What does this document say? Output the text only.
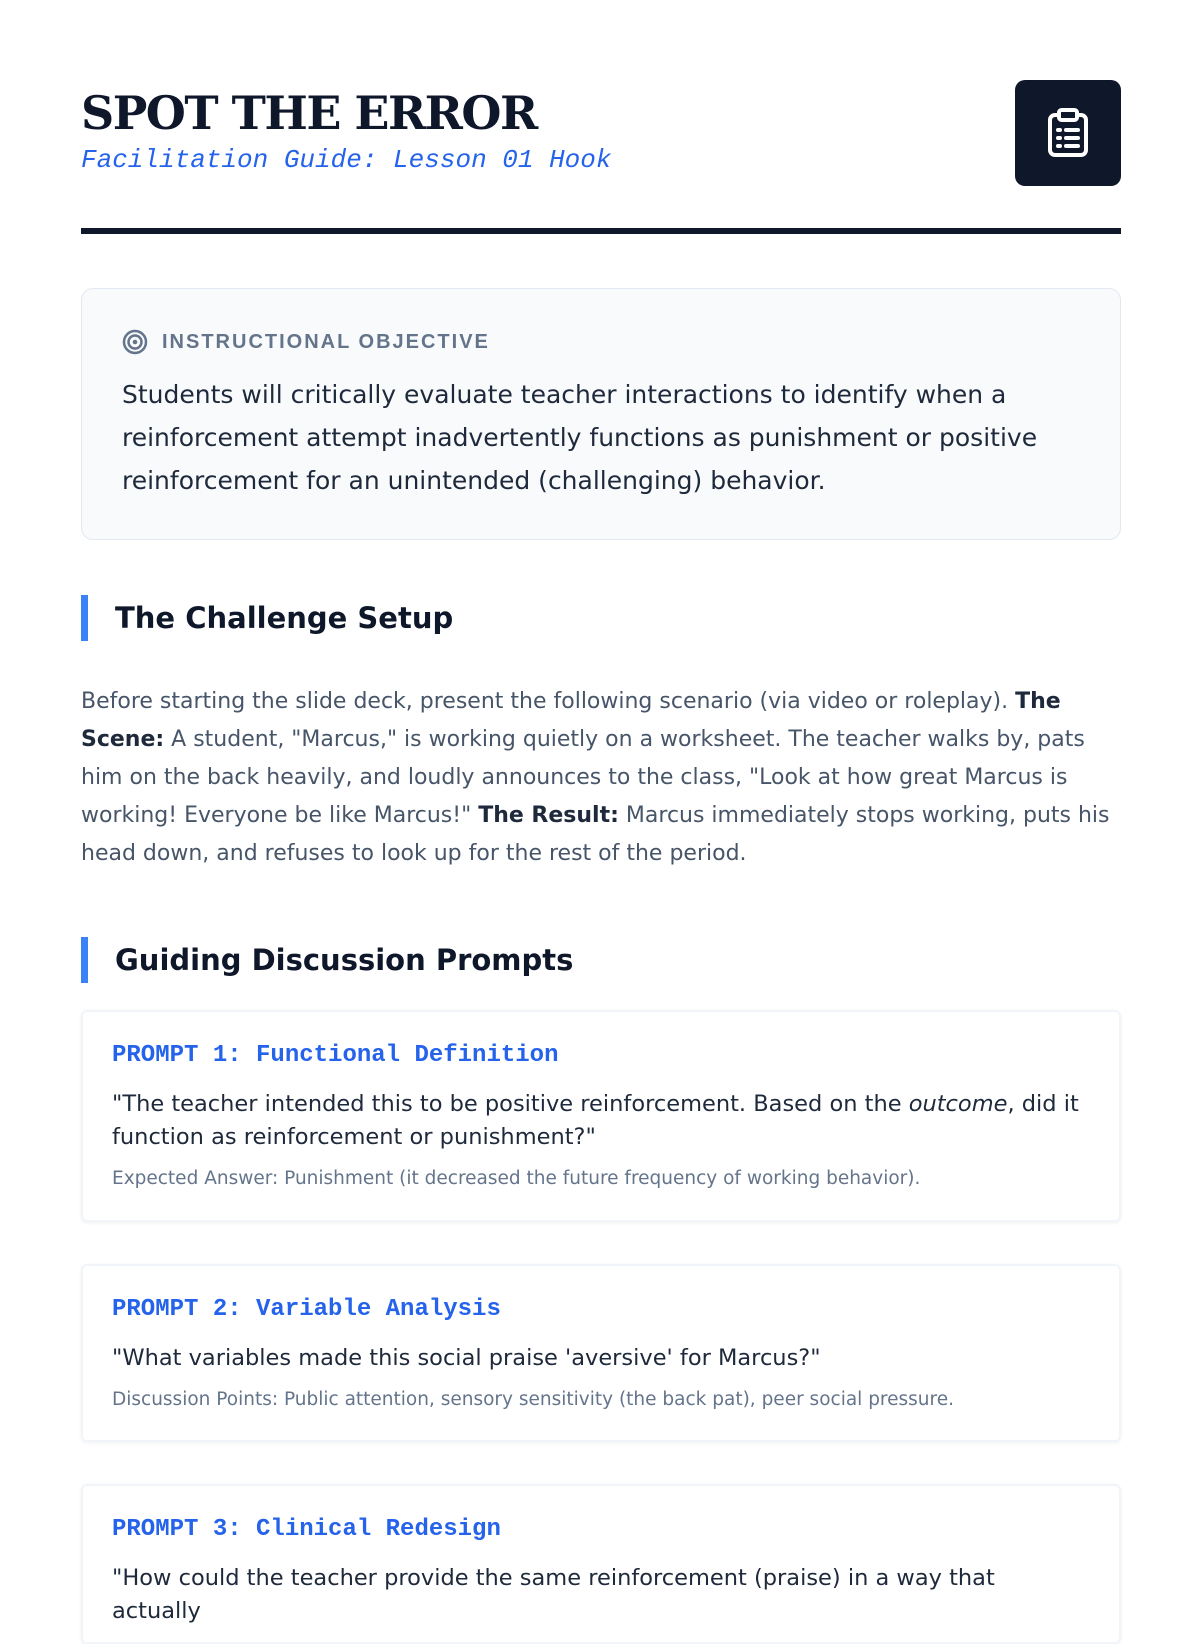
SPOT THE ERROR
Facilitation Guide: Lesson 01 Hook
INSTRUCTIONAL OBJECTIVE

Students will critically evaluate teacher interactions to identify when a reinforcement attempt inadvertently functions as punishment or positive reinforcement for an unintended (challenging) behavior.

The Challenge Setup

Before starting the slide deck, present the following scenario (via video or roleplay). The Scene: A student, "Marcus," is working quietly on a worksheet. The teacher walks by, pats him on the back heavily, and loudly announces to the class, "Look at how great Marcus is working! Everyone be like Marcus!" The Result: Marcus immediately stops working, puts his head down, and refuses to look up for the rest of the period.

Guiding Discussion Prompts
PROMPT 1: Functional Definition

"The teacher intended this to be positive reinforcement. Based on the outcome, did it function as reinforcement or punishment?"

Expected Answer: Punishment (it decreased the future frequency of working behavior).

PROMPT 2: Variable Analysis

"What variables made this social praise 'aversive' for Marcus?"

Discussion Points: Public attention, sensory sensitivity (the back pat), peer social pressure.

PROMPT 3: Clinical Redesign

"How could the teacher provide the same reinforcement (praise) in a way that actually
